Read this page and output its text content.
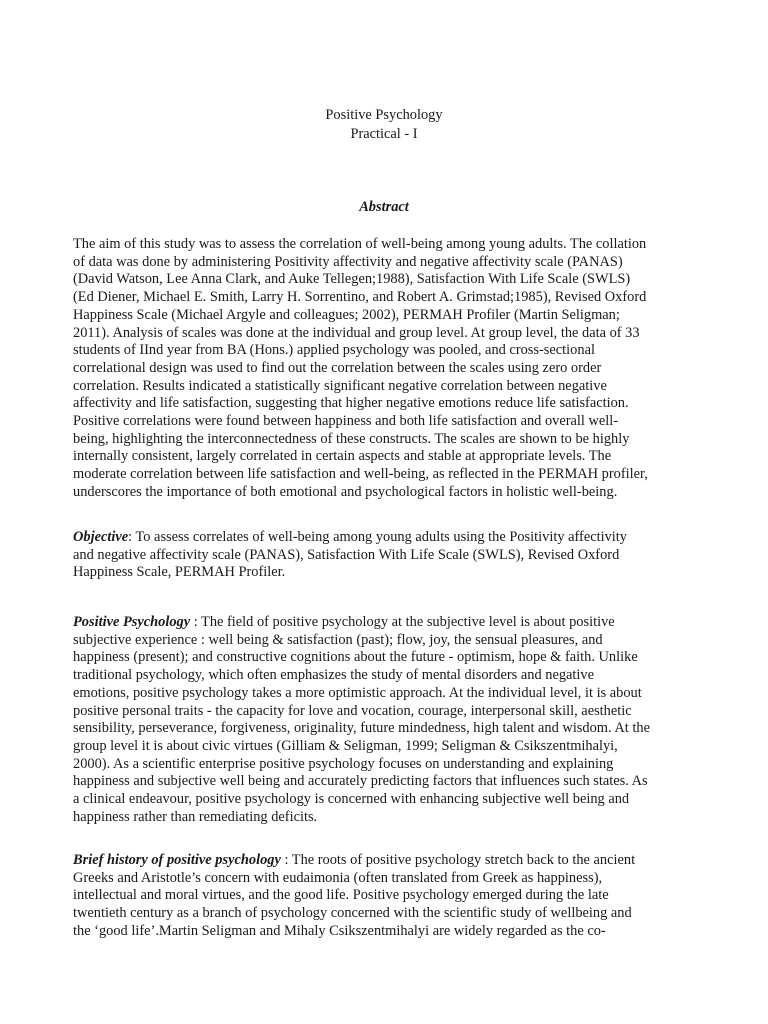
Positive Psychology
Practical - I
Abstract
The aim of this study was to assess the correlation of well-being among young adults. The collation
of data was done by administering Positivity affectivity and negative affectivity scale (PANAS)
(David Watson, Lee Anna Clark, and Auke Tellegen;1988), Satisfaction With Life Scale (SWLS)
(Ed Diener, Michael E. Smith, Larry H. Sorrentino, and Robert A. Grimstad;1985), Revised Oxford
Happiness Scale (Michael Argyle and colleagues; 2002), PERMAH Profiler (Martin Seligman;
2011). Analysis of scales was done at the individual and group level. At group level, the data of 33
students of IInd year from BA (Hons.) applied psychology was pooled, and cross-sectional
correlational design was used to find out the correlation between the scales using zero order
correlation. Results indicated a statistically significant negative correlation between negative
affectivity and life satisfaction, suggesting that higher negative emotions reduce life satisfaction.
Positive correlations were found between happiness and both life satisfaction and overall well-
being, highlighting the interconnectedness of these constructs. The scales are shown to be highly
internally consistent, largely correlated in certain aspects and stable at appropriate levels. The
moderate correlation between life satisfaction and well-being, as reflected in the PERMAH profiler,
underscores the importance of both emotional and psychological factors in holistic well-being.
Objective: To assess correlates of well-being among young adults using the Positivity affectivity
and negative affectivity scale (PANAS), Satisfaction With Life Scale (SWLS), Revised Oxford
Happiness Scale, PERMAH Profiler.
Positive Psychology : The field of positive psychology at the subjective level is about positive
subjective experience : well being & satisfaction (past); flow, joy, the sensual pleasures, and
happiness (present); and constructive cognitions about the future - optimism, hope & faith. Unlike
traditional psychology, which often emphasizes the study of mental disorders and negative
emotions, positive psychology takes a more optimistic approach. At the individual level, it is about
positive personal traits - the capacity for love and vocation, courage, interpersonal skill, aesthetic
sensibility, perseverance, forgiveness, originality, future mindedness, high talent and wisdom. At the
group level it is about civic virtues (Gilliam & Seligman, 1999; Seligman & Csikszentmihalyi,
2000). As a scientific enterprise positive psychology focuses on understanding and explaining
happiness and subjective well being and accurately predicting factors that influences such states. As
a clinical endeavour, positive psychology is concerned with enhancing subjective well being and
happiness rather than remediating deficits.
Brief history of positive psychology : The roots of positive psychology stretch back to the ancient
Greeks and Aristotle’s concern with eudaimonia (often translated from Greek as happiness),
intellectual and moral virtues, and the good life. Positive psychology emerged during the late
twentieth century as a branch of psychology concerned with the scientific study of wellbeing and
the ‘good life’.Martin Seligman and Mihaly Csikszentmihalyi are widely regarded as the co-
